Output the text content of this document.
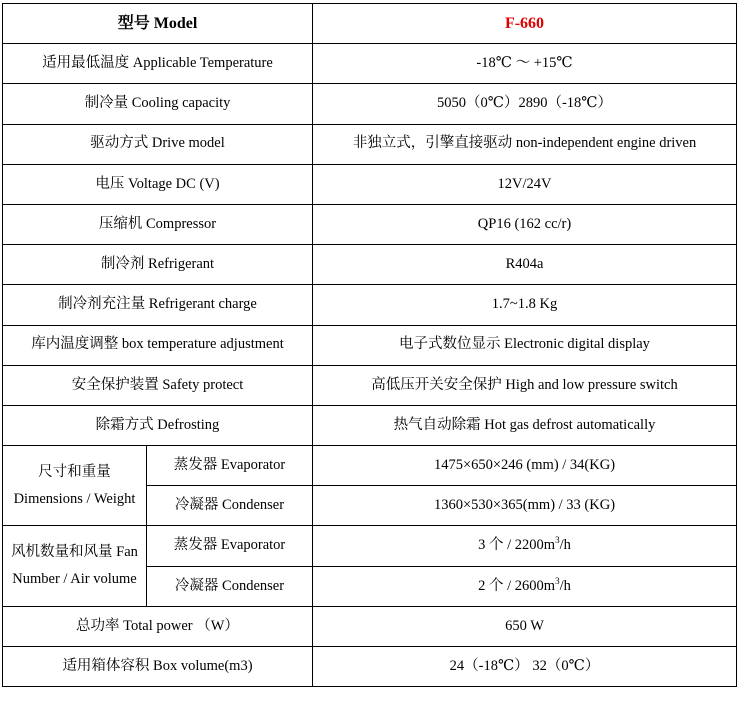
型号 Model		F-660
适用最低温度 Applicable Temperature		-18℃ ～ +15℃
制冷量 Cooling capacity		5050（0℃）2890（-18℃）
驱动方式 Drive model		非独立式，引擎直接驱动 non-independent engine driven
电压 Voltage DC (V)		12V/24V
压缩机 Compressor		QP16 (162 cc/r)
制冷剂 Refrigerant		R404a
制冷剂充注量 Refrigerant charge		1.7~1.8 Kg
库内温度调整 box temperature adjustment		电子式数位显示 Electronic digital display
安全保护装置 Safety protect		高低压开关安全保护 High and low pressure switch
除霜方式 Defrosting		热气自动除霜 Hot gas defrost automatically
尺寸和重量 Dimensions / Weight	蒸发器 Evaporator	1475×650×246 (mm) / 34(KG)
	冷凝器 Condenser	1360×530×365(mm) / 33 (KG)
风机数量和风量 Fan Number / Air volume	蒸发器 Evaporator	3 个 / $2200m^3/h$
	冷凝器 Condenser	2 个 / $2600m^3/h$
总功率 Total power （W）		650 W
适用箱体容积 Box volume(m3)		24（-18℃） 32（0℃）
